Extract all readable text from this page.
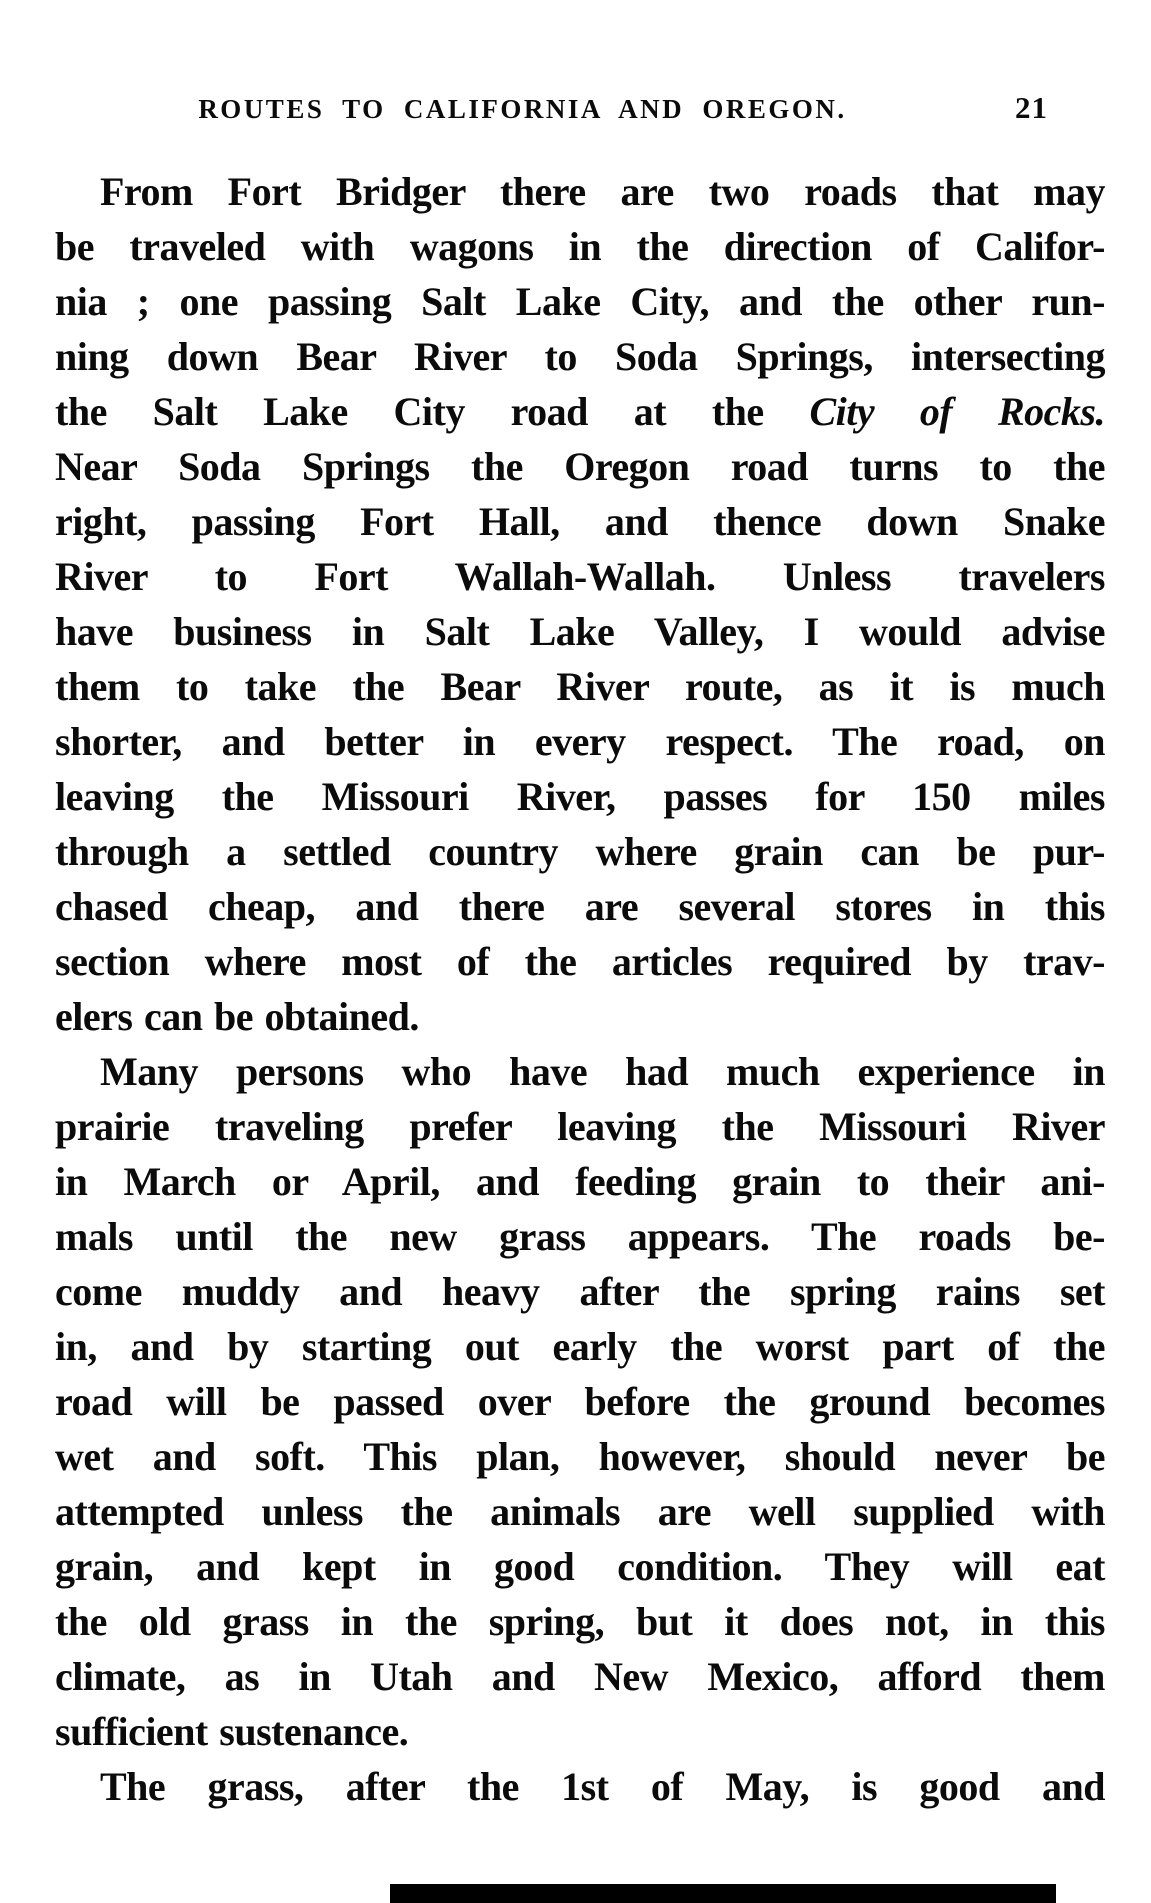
ROUTES TO CALIFORNIA AND OREGON.	21
From Fort Bridger there are two roads that may
be traveled with wagons in the direction of Califor-
nia ; one passing Salt Lake City, and the other run-
ning down Bear River to Soda Springs, intersecting
the Salt Lake City road at the City of Rocks.
Near Soda Springs the Oregon road turns to the
right, passing Fort Hall, and thence down Snake
River to Fort Wallah-Wallah. Unless travelers
have business in Salt Lake Valley, I would advise
them to take the Bear River route, as it is much
shorter, and better in every respect. The road, on
leaving the Missouri River, passes for 150 miles
through a settled country where grain can be pur-
chased cheap, and there are several stores in this
section where most of the articles required by trav-
elers can be obtained.
Many persons who have had much experience in
prairie traveling prefer leaving the Missouri River
in March or April, and feeding grain to their ani-
mals until the new grass appears. The roads be-
come muddy and heavy after the spring rains set
in, and by starting out early the worst part of the
road will be passed over before the ground becomes
wet and soft. This plan, however, should never be
attempted unless the animals are well supplied with
grain, and kept in good condition. They will eat
the old grass in the spring, but it does not, in this
climate, as in Utah and New Mexico, afford them
sufficient sustenance.
The grass, after the 1st of May, is good and
